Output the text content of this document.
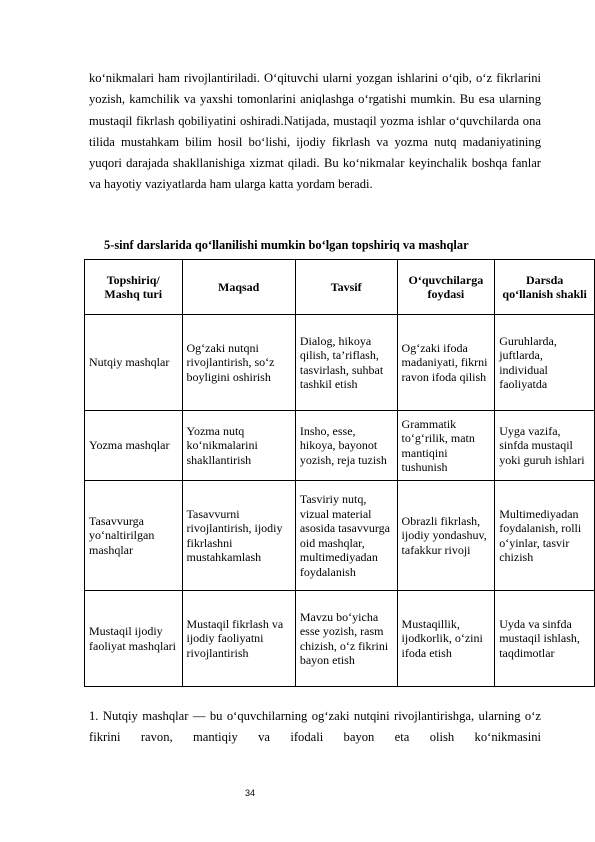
ko‘nikmalari ham rivojlantiriladi. O‘qituvchi ularni yozgan ishlarini o‘qib, o‘z fikrlarini yozish, kamchilik va yaxshi tomonlarini aniqlashga o‘rgatishi mumkin. Bu esa ularning mustaqil fikrlash qobiliyatini oshiradi.Natijada, mustaqil yozma ishlar o‘quvchilarda ona tilida mustahkam bilim hosil bo‘lishi, ijodiy fikrlash va yozma nutq madaniyatining yuqori darajada shakllanishiga xizmat qiladi. Bu ko‘nikmalar keyinchalik boshqa fanlar va hayotiy vaziyatlarda ham ularga katta yordam beradi.

5-sinf darslarida qo‘llanilishi mumkin bo‘lgan topshiriq va mashqlar

Topshiriq/ Mashq turi	Maqsad	Tavsif	O‘quvchilarga foydasi	Darsda qo‘llanish shakli
Nutqiy mashqlar	Og‘zaki nutqni rivojlantirish, so‘z boyligini oshirish	Dialog, hikoya qilish, ta’riflash, tasvirlash, suhbat tashkil etish	Og‘zaki ifoda madaniyati, fikrni ravon ifoda qilish	Guruhlarda, juftlarda, individual faoliyatda
Yozma mashqlar	Yozma nutq ko‘nikmalarini shakllantirish	Insho, esse, hikoya, bayonot yozish, reja tuzish	Grammatik to‘g‘rilik, matn mantiqini tushunish	Uyga vazifa, sinfda mustaqil yoki guruh ishlari
Tasavvurga yo‘naltirilgan mashqlar	Tasavvurni rivojlantirish, ijodiy fikrlashni mustahkamlash	Tasviriy nutq, vizual material asosida tasavvurga oid mashqlar, multimediyadan foydalanish	Obrazli fikrlash, ijodiy yondashuv, tafakkur rivoji	Multimediyadan foydalanish, rolli o‘yinlar, tasvir chizish
Mustaqil ijodiy faoliyat mashqlari	Mustaqil fikrlash va ijodiy faoliyatni rivojlantirish	Mavzu bo‘yicha esse yozish, rasm chizish, o‘z fikrini bayon etish	Mustaqillik, ijodkorlik, o‘zini ifoda etish	Uyda va sinfda mustaqil ishlash, taqdimotlar

1. Nutqiy mashqlar — bu o‘quvchilarning og‘zaki nutqini rivojlantirishga, ularning o‘z fikrini ravon, mantiqiy va ifodali bayon eta olish ko‘nikmasini

34
